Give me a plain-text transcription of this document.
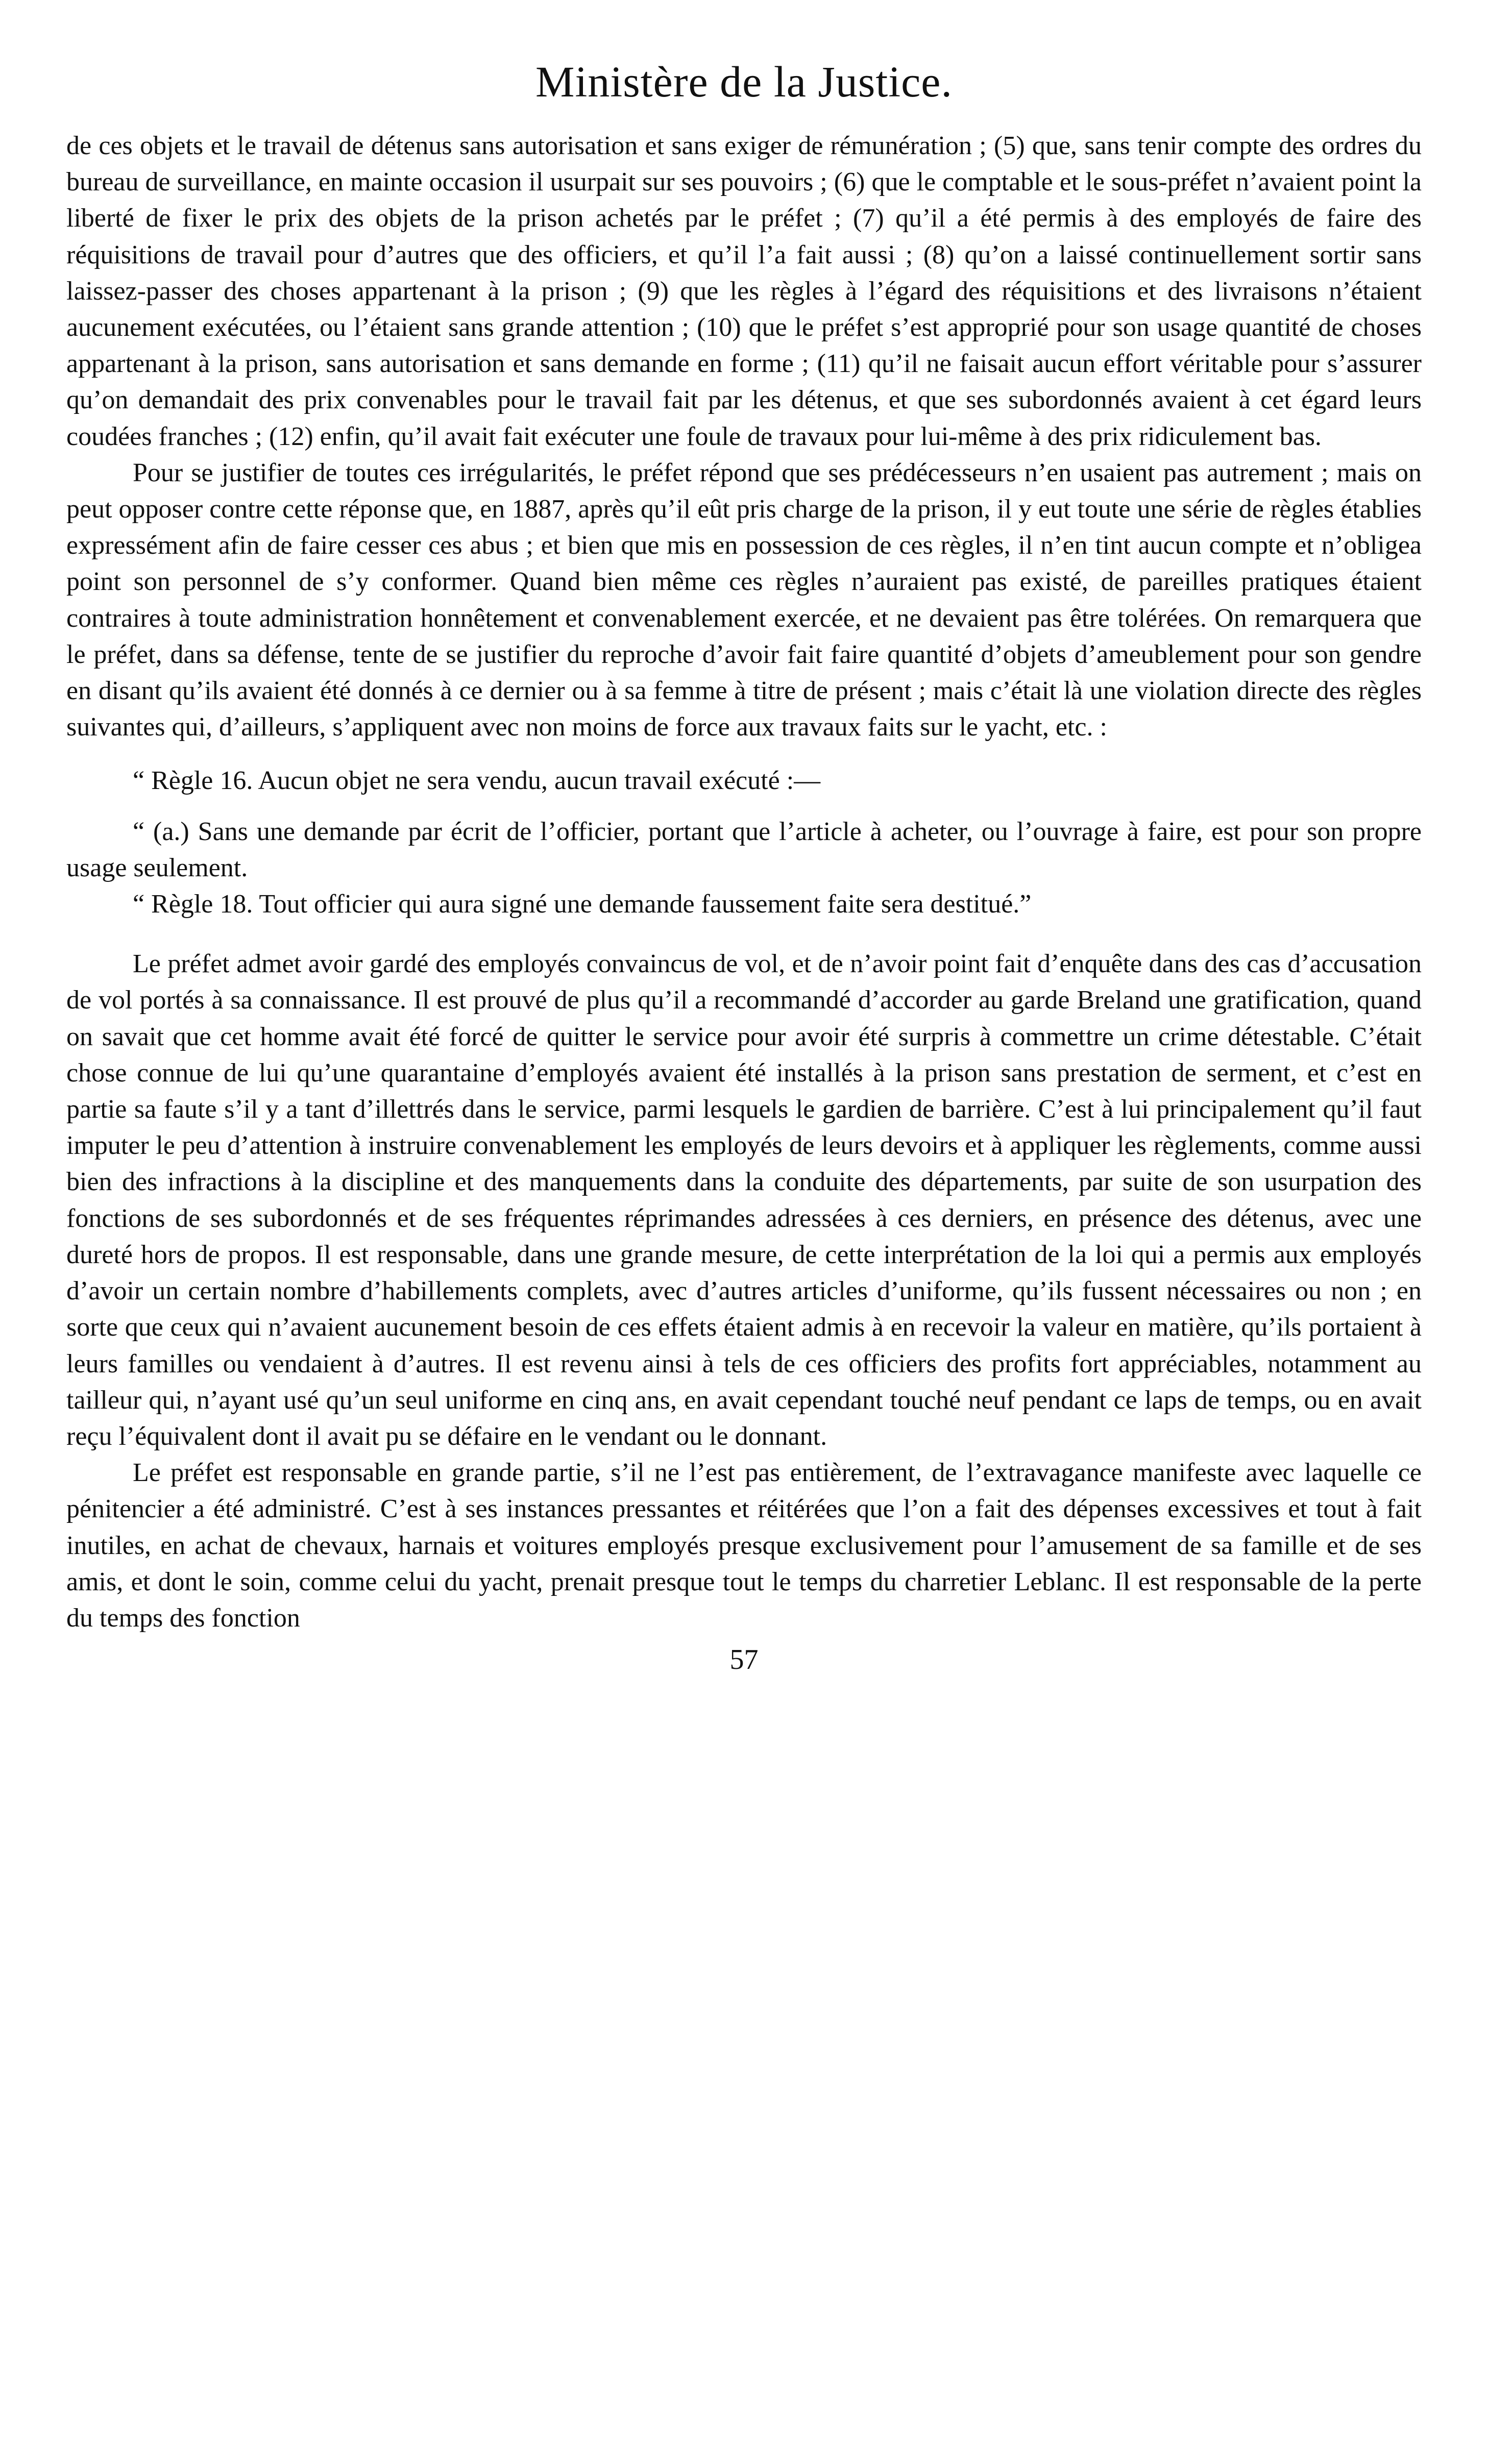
Ministère de la Justice.

de ces objets et le travail de détenus sans autorisation et sans exiger de rémunération ; (5) que, sans tenir compte des ordres du bureau de surveillance, en mainte occasion il usurpait sur ses pouvoirs ; (6) que le comptable et le sous-préfet n’avaient point la liberté de fixer le prix des objets de la prison achetés par le préfet ; (7) qu’il a été permis à des employés de faire des réquisitions de travail pour d’autres que des officiers, et qu’il l’a fait aussi ; (8) qu’on a laissé continuellement sortir sans laissez-passer des choses appartenant à la prison ; (9) que les règles à l’égard des réquisitions et des livraisons n’étaient aucunement exécutées, ou l’étaient sans grande attention ; (10) que le préfet s’est approprié pour son usage quantité de choses appartenant à la prison, sans autorisation et sans demande en forme ; (11) qu’il ne faisait aucun effort véritable pour s’assurer qu’on demandait des prix convenables pour le travail fait par les détenus, et que ses subordonnés avaient à cet égard leurs coudées franches ; (12) enfin, qu’il avait fait exécuter une foule de travaux pour lui-même à des prix ridiculement bas.

Pour se justifier de toutes ces irrégularités, le préfet répond que ses prédécesseurs n’en usaient pas autrement ; mais on peut opposer contre cette réponse que, en 1887, après qu’il eût pris charge de la prison, il y eut toute une série de règles établies expressément afin de faire cesser ces abus ; et bien que mis en possession de ces règles, il n’en tint aucun compte et n’obligea point son personnel de s’y conformer. Quand bien même ces règles n’auraient pas existé, de pareilles pratiques étaient contraires à toute administration honnêtement et convenablement exercée, et ne devaient pas être tolérées. On remarquera que le préfet, dans sa défense, tente de se justifier du reproche d’avoir fait faire quantité d’objets d’ameublement pour son gendre en disant qu’ils avaient été donnés à ce dernier ou à sa femme à titre de présent ; mais c’était là une violation directe des règles suivantes qui, d’ailleurs, s’appliquent avec non moins de force aux travaux faits sur le yacht, etc. :

“ Règle 16. Aucun objet ne sera vendu, aucun travail exécuté :—

“ (a.) Sans une demande par écrit de l’officier, portant que l’article à acheter, ou l’ouvrage à faire, est pour son propre usage seulement.

“ Règle 18. Tout officier qui aura signé une demande faussement faite sera destitué.”

Le préfet admet avoir gardé des employés convaincus de vol, et de n’avoir point fait d’enquête dans des cas d’accusation de vol portés à sa connaissance. Il est prouvé de plus qu’il a recommandé d’accorder au garde Breland une gratification, quand on savait que cet homme avait été forcé de quitter le service pour avoir été surpris à commettre un crime détestable. C’était chose connue de lui qu’une quarantaine d’employés avaient été installés à la prison sans prestation de serment, et c’est en partie sa faute s’il y a tant d’illettrés dans le service, parmi lesquels le gardien de barrière. C’est à lui principalement qu’il faut imputer le peu d’attention à instruire convenablement les employés de leurs devoirs et à appliquer les règlements, comme aussi bien des infractions à la discipline et des manquements dans la conduite des départements, par suite de son usurpation des fonctions de ses subordonnés et de ses fréquentes réprimandes adressées à ces derniers, en présence des détenus, avec une dureté hors de propos. Il est responsable, dans une grande mesure, de cette interprétation de la loi qui a permis aux employés d’avoir un certain nombre d’habillements complets, avec d’autres articles d’uniforme, qu’ils fussent nécessaires ou non ; en sorte que ceux qui n’avaient aucunement besoin de ces effets étaient admis à en recevoir la valeur en matière, qu’ils portaient à leurs familles ou vendaient à d’autres. Il est revenu ainsi à tels de ces officiers des profits fort appréciables, notamment au tailleur qui, n’ayant usé qu’un seul uniforme en cinq ans, en avait cependant touché neuf pendant ce laps de temps, ou en avait reçu l’équivalent dont il avait pu se défaire en le vendant ou le donnant.

Le préfet est responsable en grande partie, s’il ne l’est pas entièrement, de l’extravagance manifeste avec laquelle ce pénitencier a été administré. C’est à ses instances pressantes et réitérées que l’on a fait des dépenses excessives et tout à fait inutiles, en achat de chevaux, harnais et voitures employés presque exclusivement pour l’amusement de sa famille et de ses amis, et dont le soin, comme celui du yacht, prenait presque tout le temps du charretier Leblanc. Il est responsable de la perte du temps des fonction

57
